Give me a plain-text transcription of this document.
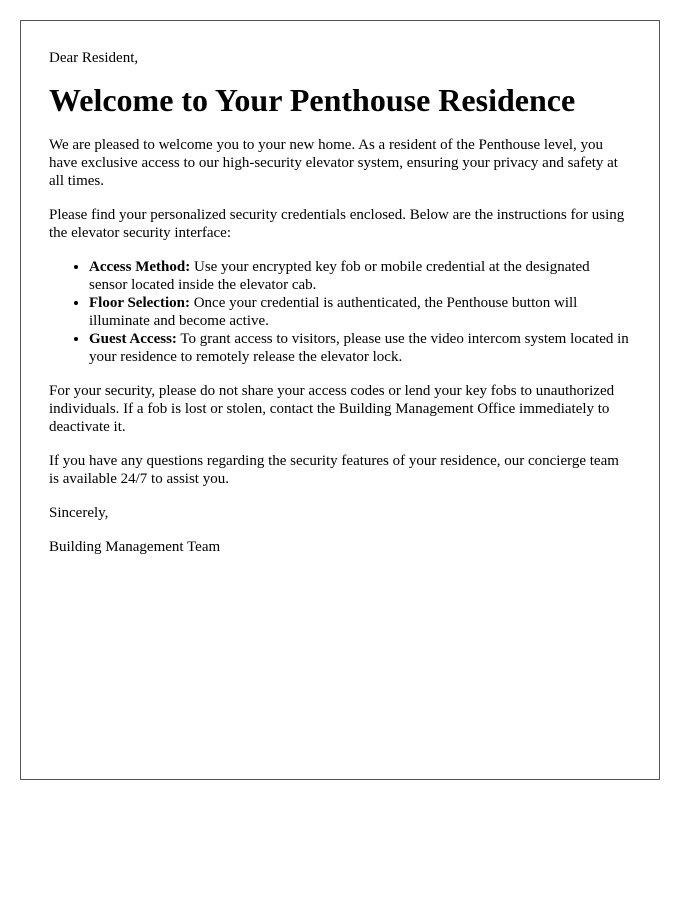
Dear Resident,

Welcome to Your Penthouse Residence

We are pleased to welcome you to your new home. As a resident of the Penthouse level, you have exclusive access to our high-security elevator system, ensuring your privacy and safety at all times.

Please find your personalized security credentials enclosed. Below are the instructions for using the elevator security interface:

• Access Method: Use your encrypted key fob or mobile credential at the designated sensor located inside the elevator cab.
• Floor Selection: Once your credential is authenticated, the Penthouse button will illuminate and become active.
• Guest Access: To grant access to visitors, please use the video intercom system located in your residence to remotely release the elevator lock.

For your security, please do not share your access codes or lend your key fobs to unauthorized individuals. If a fob is lost or stolen, contact the Building Management Office immediately to deactivate it.

If you have any questions regarding the security features of your residence, our concierge team is available 24/7 to assist you.

Sincerely,

Building Management Team
